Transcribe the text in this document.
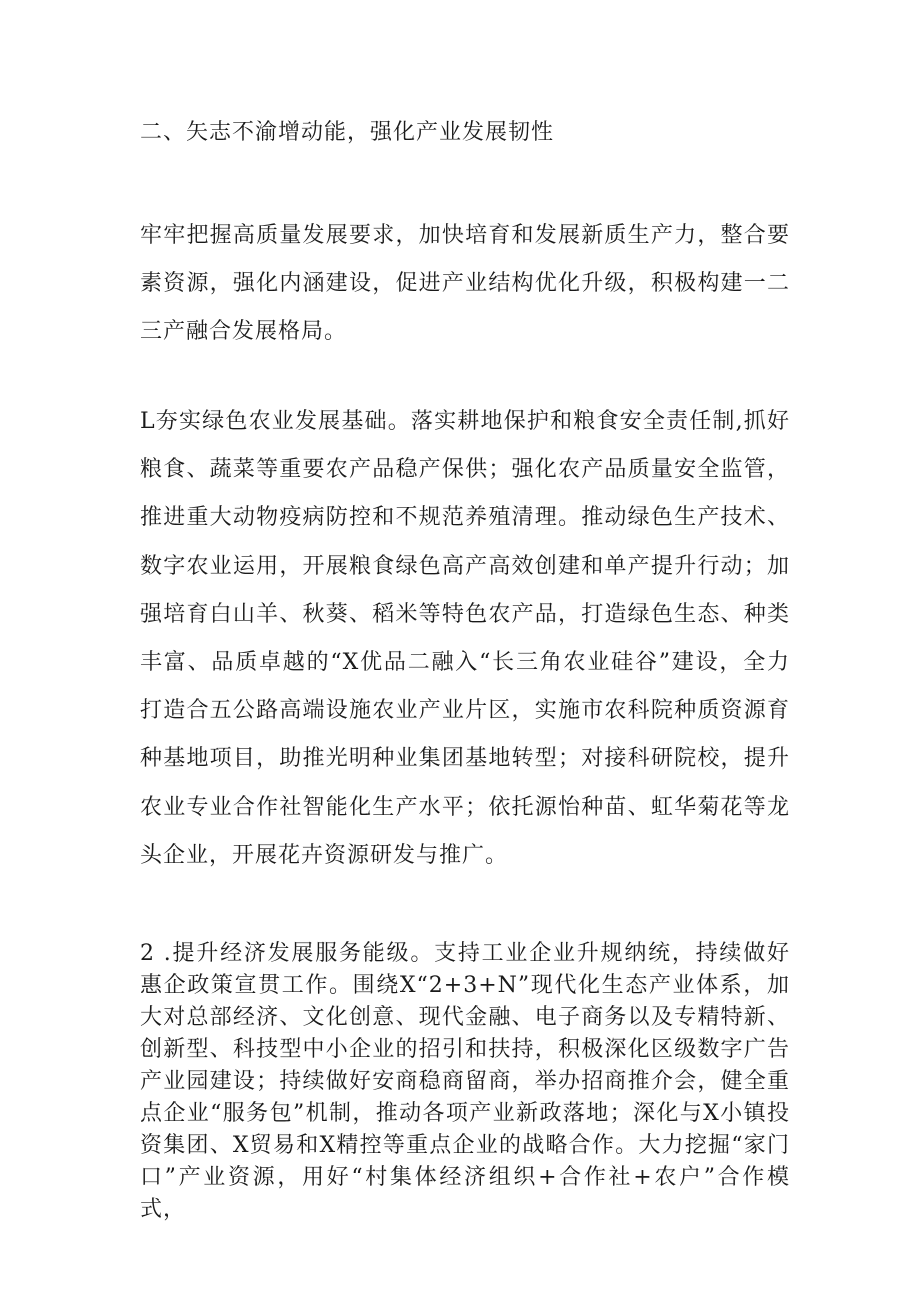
二、矢志不渝增动能，强化产业发展韧性

牢牢把握高质量发展要求，加快培育和发展新质生产力，整合要素资源，强化内涵建设，促进产业结构优化升级，积极构建一二三产融合发展格局。

L夯实绿色农业发展基础。落实耕地保护和粮食安全责任制,抓好粮食、蔬菜等重要农产品稳产保供；强化农产品质量安全监管，推进重大动物疫病防控和不规范养殖清理。推动绿色生产技术、数字农业运用，开展粮食绿色高产高效创建和单产提升行动；加强培育白山羊、秋葵、稻米等特色农产品，打造绿色生态、种类丰富、品质卓越的“X优品二融入“长三角农业硅谷”建设，全力打造合五公路高端设施农业产业片区，实施市农科院种质资源育种基地项目，助推光明种业集团基地转型；对接科研院校，提升农业专业合作社智能化生产水平；依托源怡种苗、虹华菊花等龙头企业，开展花卉资源研发与推广。

2 .提升经济发展服务能级。支持工业企业升规纳统，持续做好惠企政策宣贯工作。围绕X“2+3+N”现代化生态产业体系，加大对总部经济、文化创意、现代金融、电子商务以及专精特新、创新型、科技型中小企业的招引和扶持，积极深化区级数字广告产业园建设；持续做好安商稳商留商，举办招商推介会，健全重点企业“服务包”机制，推动各项产业新政落地；深化与X小镇投资集团、X贸易和X精控等重点企业的战略合作。大力挖掘“家门口”产业资源，用好“村集体经济组织+合作社+农户”合作模式，
